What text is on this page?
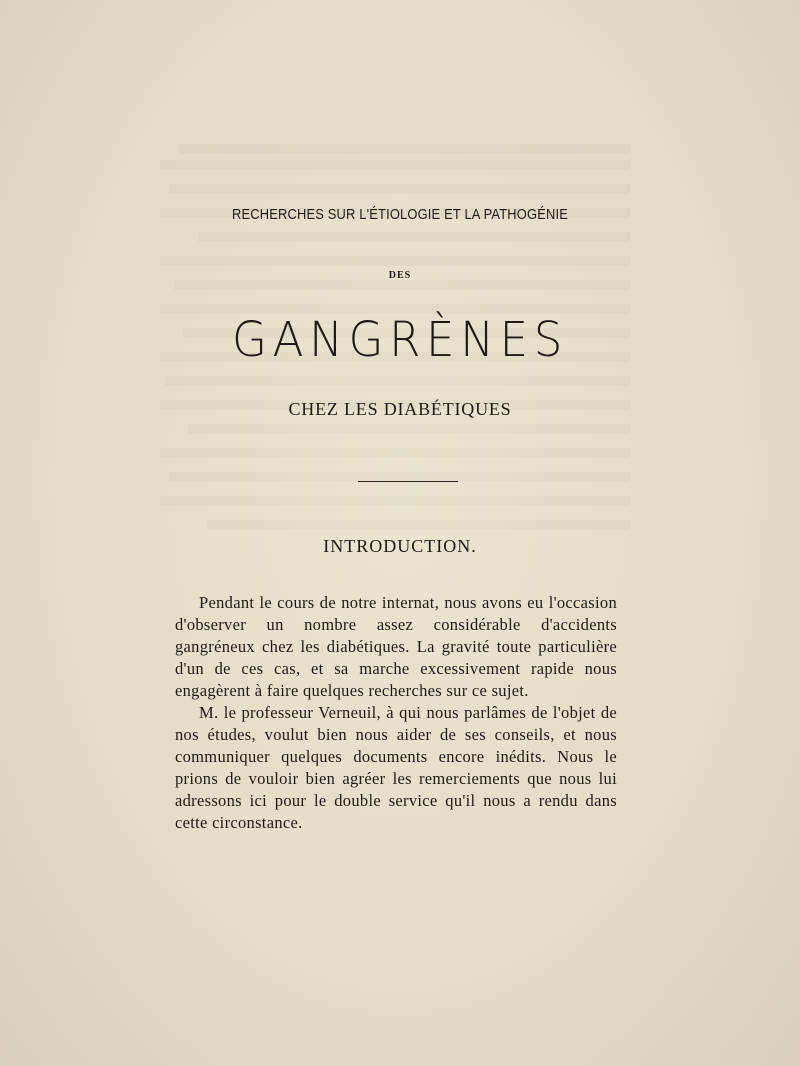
RECHERCHES SUR L'ÉTIOLOGIE ET LA PATHOGÉNIE
DES
GANGRÈNES
CHEZ LES DIABÉTIQUES
INTRODUCTION.

Pendant le cours de notre internat, nous avons eu l'occasion d'observer un nombre assez considérable d'accidents gangréneux chez les diabétiques. La gravité toute particulière d'un de ces cas, et sa marche excessivement rapide nous engagèrent à faire quelques recherches sur ce sujet.

M. le professeur Verneuil, à qui nous parlâmes de l'objet de nos études, voulut bien nous aider de ses conseils, et nous communiquer quelques documents encore inédits. Nous le prions de vouloir bien agréer les remerciements que nous lui adressons ici pour le double service qu'il nous a rendu dans cette circonstance.
